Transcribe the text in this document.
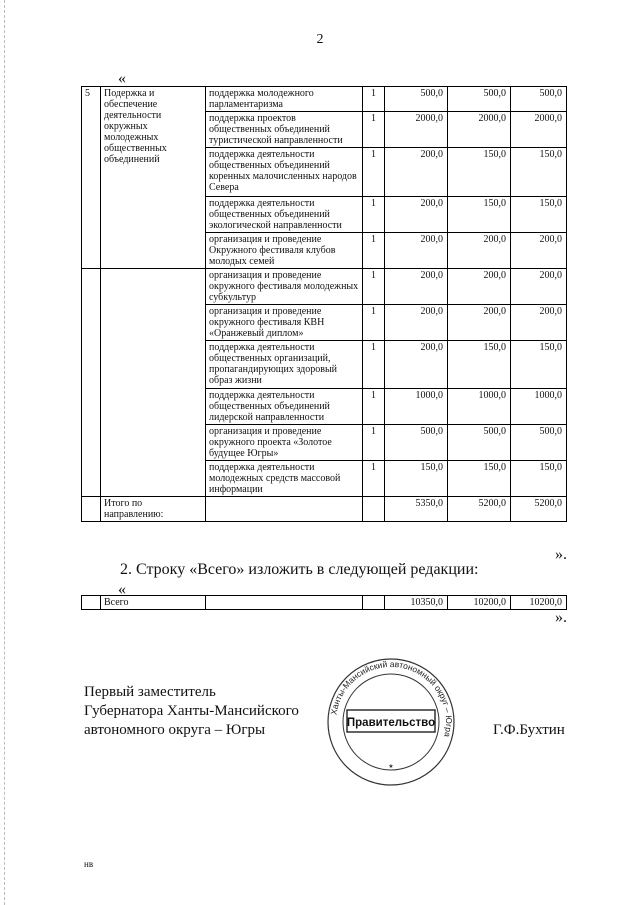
2
«
5	Подержка и обеспечение деятельности окружных молодежных общественных объединений	поддержка молодежного парламентаризма	1	500,0	500,0	500,0
		поддержка проектов общественных объединений туристической направленности	1	2000,0	2000,0	2000,0
		поддержка деятельности общественных объединений коренных малочисленных народов Севера	1	200,0	150,0	150,0
		поддержка деятельности общественных объединений экологической направленности	1	200,0	150,0	150,0
		организация и проведение Окружного фестиваля клубов молодых семей	1	200,0	200,0	200,0
		организация и проведение окружного фестиваля молодежных субкультур	1	200,0	200,0	200,0
		организация и проведение окружного фестиваля КВН «Оранжевый диплом»	1	200,0	200,0	200,0
		поддержка деятельности общественных организаций, пропагандирующих здоровый образ жизни	1	200,0	150,0	150,0
		поддержка деятельности общественных объединений лидерской направленности	1	1000,0	1000,0	1000,0
		организация и проведение окружного проекта «Золотое будущее Югры»	1	500,0	500,0	500,0
		поддержка деятельности молодежных средств массовой информации	1	150,0	150,0	150,0
	Итого по направлению:			5350,0	5200,0	5200,0
».
2. Строку «Всего» изложить в следующей редакции:
«
	Всего			10350,0	10200,0	10200,0
».
Первый заместитель
Губернатора Ханты-Мансийского
автономного округа – Югры	Г.Ф.Бухтин
Ханты-Мансийский автономный округ – Югра
Правительство
★
нв
